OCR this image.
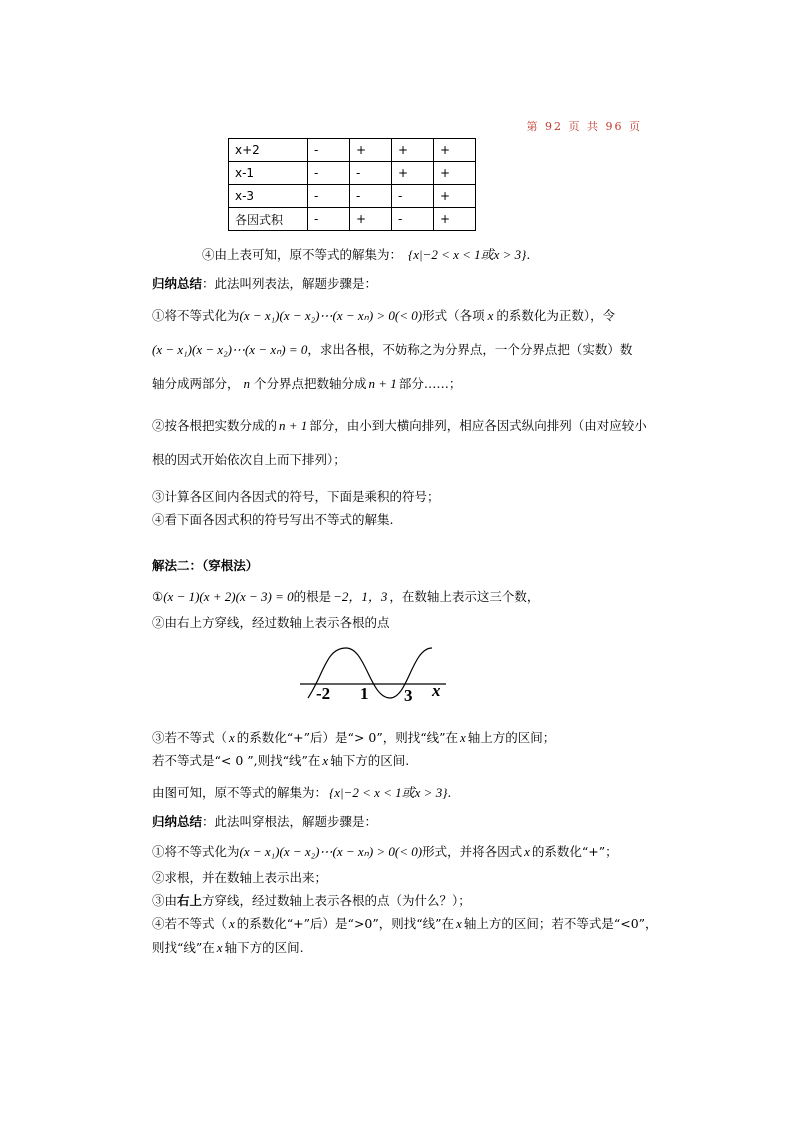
第 92 页 共 96 页
x+2	-	+	+	+
x-1	-	-	+	+
x-3	-	-	-	+
各因式积	-	+	-	+
④由上表可知，原不等式的解集为： {x|−2 < x < 1或x > 3}.
归纳总结：此法叫列表法，解题步骤是：
①将不等式化为(x − x₁)(x − x₂)⋯(x − xₙ) > 0(< 0)形式（各项 x 的系数化为正数），令
(x − x₁)(x − x₂)⋯(x − xₙ) = 0，求出各根，不妨称之为分界点，一个分界点把（实数）数
轴分成两部分， n 个分界点把数轴分成 n + 1 部分……；
②按各根把实数分成的 n + 1 部分，由小到大横向排列，相应各因式纵向排列（由对应较小
根的因式开始依次自上而下排列）；
③计算各区间内各因式的符号，下面是乘积的符号；
④看下面各因式积的符号写出不等式的解集.
解法二：（穿根法）
①(x − 1)(x + 2)(x − 3) = 0的根是 −2，1，3 ，在数轴上表示这三个数，
②由右上方穿线，经过数轴上表示各根的点
-2 1 3 x
③若不等式（ x 的系数化“+”后）是“> 0”，则找“线”在 x 轴上方的区间；
若不等式是“< 0 ”,则找“线”在 x 轴下方的区间.
由图可知，原不等式的解集为： {x|−2 < x < 1或x > 3}.
归纳总结：此法叫穿根法，解题步骤是：
①将不等式化为(x − x₁)(x − x₂)⋯(x − xₙ) > 0(< 0)形式，并将各因式 x 的系数化“+”；
②求根，并在数轴上表示出来；
③由右上方穿线，经过数轴上表示各根的点（为什么？）；
④若不等式（ x 的系数化“+”后）是“>0”，则找“线”在 x 轴上方的区间；若不等式是“<0”，
则找“线”在 x 轴下方的区间.
